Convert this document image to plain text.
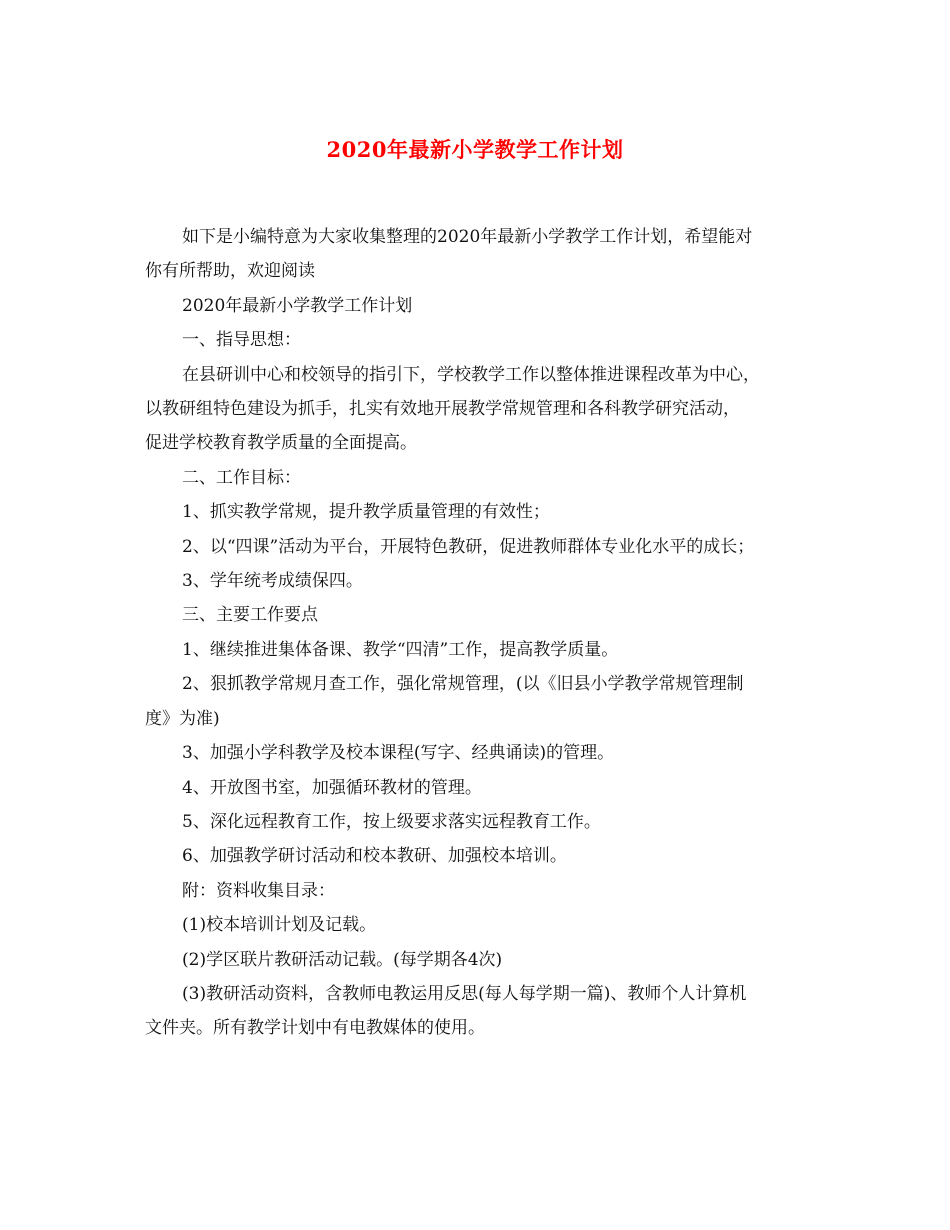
2020年最新小学教学工作计划
如下是小编特意为大家收集整理的2020年最新小学教学工作计划，希望能对
你有所帮助，欢迎阅读
2020年最新小学教学工作计划
一、指导思想：
在县研训中心和校领导的指引下，学校教学工作以整体推进课程改革为中心，
以教研组特色建设为抓手，扎实有效地开展教学常规管理和各科教学研究活动，
促进学校教育教学质量的全面提高。
二、工作目标：
1、抓实教学常规，提升教学质量管理的有效性；
2、以“四课”活动为平台，开展特色教研，促进教师群体专业化水平的成长；
3、学年统考成绩保四。
三、主要工作要点
1、继续推进集体备课、教学“四清”工作，提高教学质量。
2、狠抓教学常规月查工作，强化常规管理，(以《旧县小学教学常规管理制
度》为准)
3、加强小学科教学及校本课程(写字、经典诵读)的管理。
4、开放图书室，加强循环教材的管理。
5、深化远程教育工作，按上级要求落实远程教育工作。
6、加强教学研讨活动和校本教研、加强校本培训。
附：资料收集目录：
(1)校本培训计划及记载。
(2)学区联片教研活动记载。(每学期各4次)
(3)教研活动资料，含教师电教运用反思(每人每学期一篇)、教师个人计算机
文件夹。所有教学计划中有电教媒体的使用。
